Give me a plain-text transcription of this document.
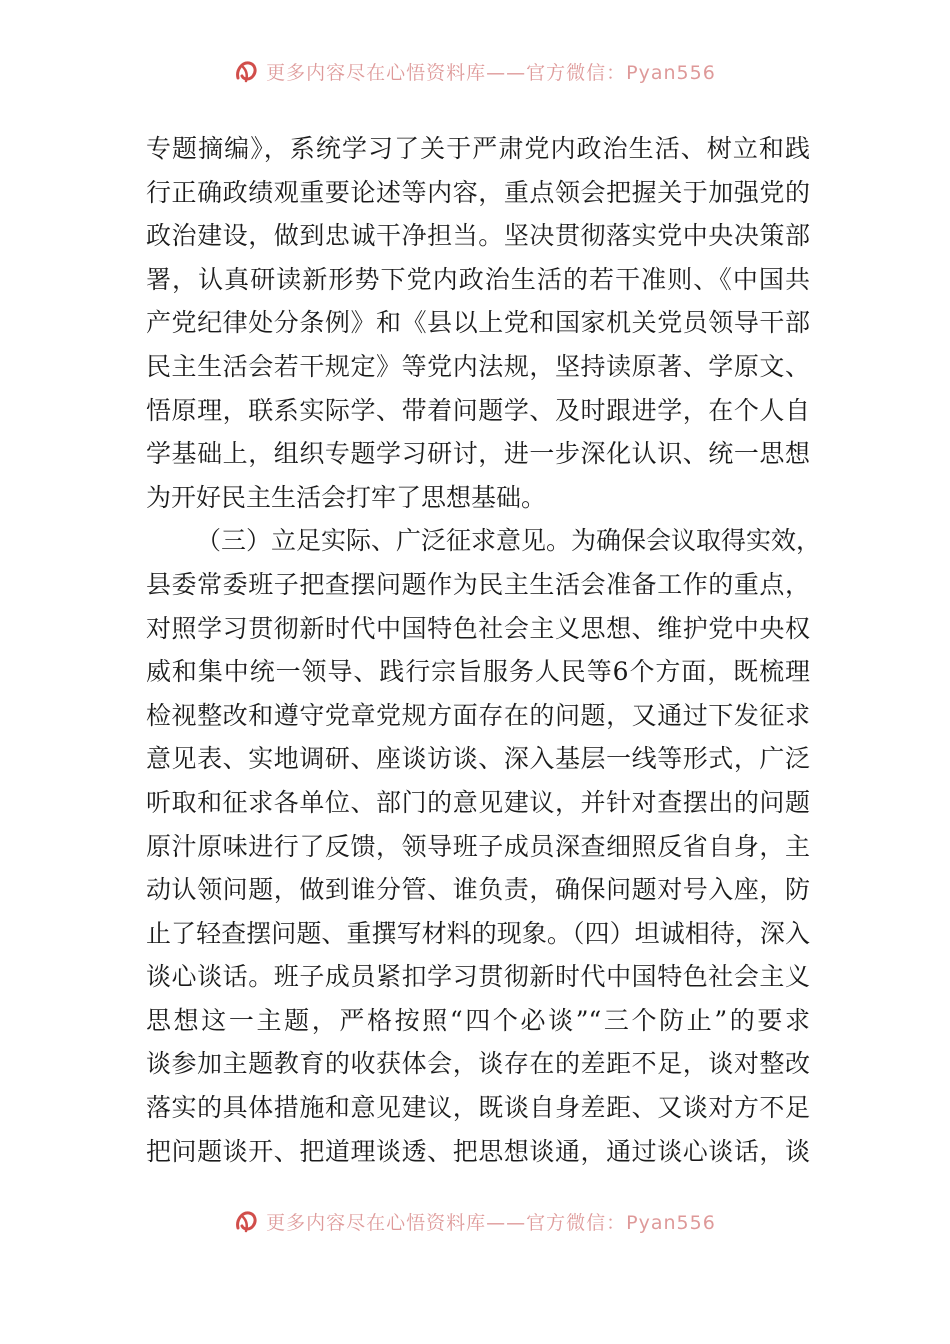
更多内容尽在心悟资料库——官方微信：Pyan556
专题摘编》，系统学习了关于严肃党内政治生活、树立和践
行正确政绩观重要论述等内容，重点领会把握关于加强党的
政治建设，做到忠诚干净担当。坚决贯彻落实党中央决策部
署，认真研读新形势下党内政治生活的若干准则、《中国共
产党纪律处分条例》和《县以上党和国家机关党员领导干部
民主生活会若干规定》等党内法规，坚持读原著、学原文、
悟原理，联系实际学、带着问题学、及时跟进学，在个人自
学基础上，组织专题学习研讨，进一步深化认识、统一思想
为开好民主生活会打牢了思想基础。
（三）立足实际、广泛征求意见。为确保会议取得实效，
县委常委班子把查摆问题作为民主生活会准备工作的重点，
对照学习贯彻新时代中国特色社会主义思想、维护党中央权
威和集中统一领导、践行宗旨服务人民等6个方面，既梳理
检视整改和遵守党章党规方面存在的问题，又通过下发征求
意见表、实地调研、座谈访谈、深入基层一线等形式，广泛
听取和征求各单位、部门的意见建议，并针对查摆出的问题
原汁原味进行了反馈，领导班子成员深查细照反省自身，主
动认领问题，做到谁分管、谁负责，确保问题对号入座，防
止了轻查摆问题、重撰写材料的现象。（四）坦诚相待，深入
谈心谈话。班子成员紧扣学习贯彻新时代中国特色社会主义
思想这一主题，严格按照“四个必谈”“三个防止”的要求
谈参加主题教育的收获体会，谈存在的差距不足，谈对整改
落实的具体措施和意见建议，既谈自身差距、又谈对方不足
把问题谈开、把道理谈透、把思想谈通，通过谈心谈话，谈
更多内容尽在心悟资料库——官方微信：Pyan556
